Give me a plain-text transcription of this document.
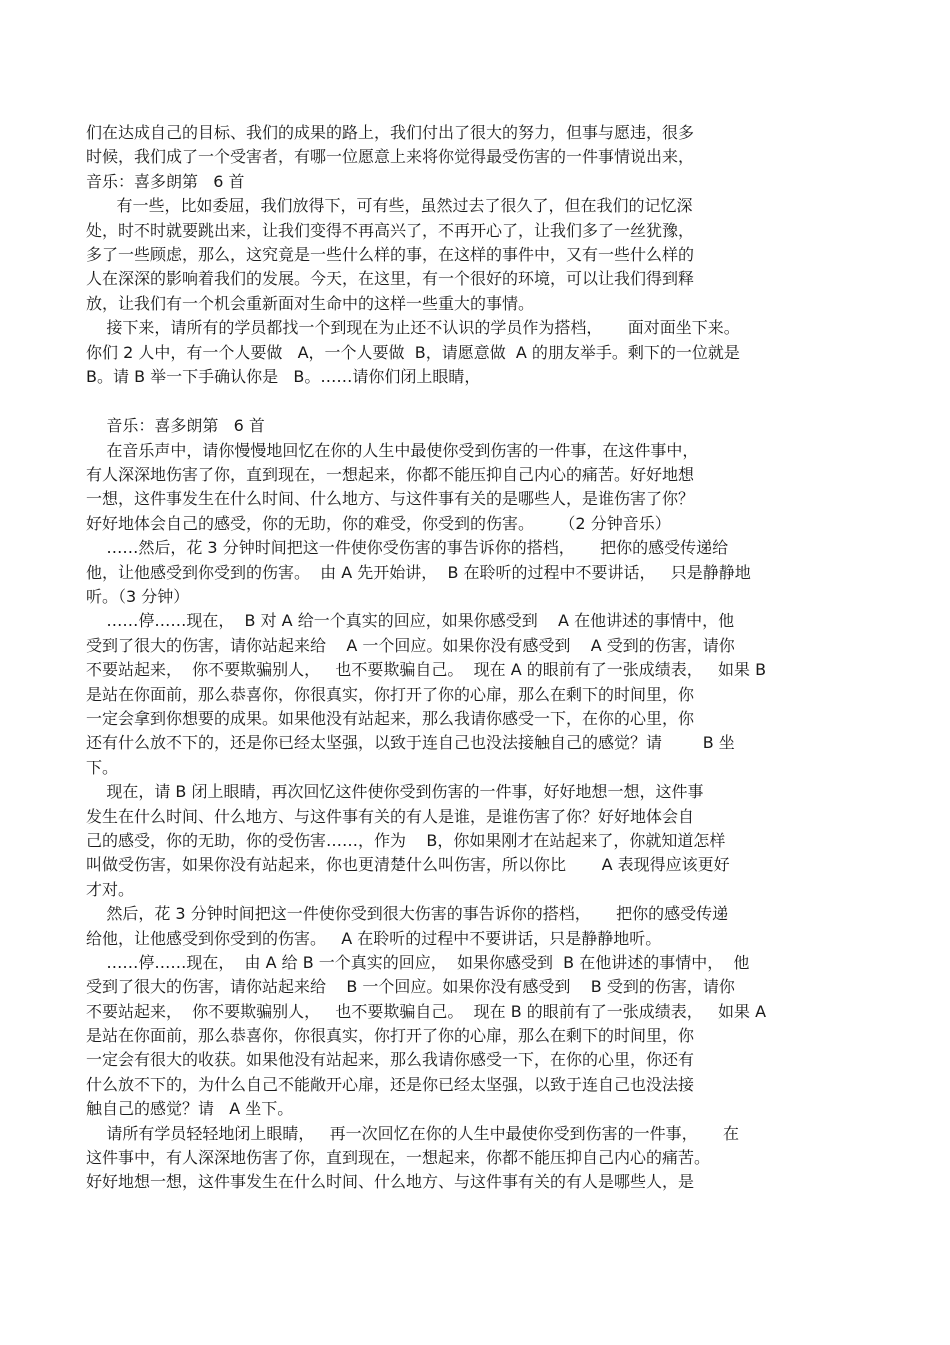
们在达成自己的目标、我们的成果的路上，我们付出了很大的努力，但事与愿违，很多
时候，我们成了一个受害者，有哪一位愿意上来将你觉得最受伤害的一件事情说出来，
音乐：喜多朗第   6 首
有一些，比如委屈，我们放得下，可有些，虽然过去了很久了，但在我们的记忆深
处，时不时就要跳出来，让我们变得不再高兴了，不再开心了，让我们多了一丝犹豫，
多了一些顾虑，那么，这究竟是一些什么样的事，在这样的事件中，又有一些什么样的
人在深深的影响着我们的发展。今天，在这里，有一个很好的环境，可以让我们得到释
放，让我们有一个机会重新面对生命中的这样一些重大的事情。
接下来，请所有的学员都找一个到现在为止还不认识的学员作为搭档，     面对面坐下来。
你们 2 人中，有一个人要做   A，一个人要做  B，请愿意做  A 的朋友举手。剩下的一位就是
B。请 B 举一下手确认你是   B。……请你们闭上眼睛，
音乐：喜多朗第   6 首
在音乐声中，请你慢慢地回忆在你的人生中最使你受到伤害的一件事，在这件事中，
有人深深地伤害了你，直到现在，一想起来，你都不能压抑自己内心的痛苦。好好地想
一想，这件事发生在什么时间、什么地方、与这件事有关的是哪些人，是谁伤害了你？
好好地体会自己的感受，你的无助，你的难受，你受到的伤害。     （2 分钟音乐）
……然后，花 3 分钟时间把这一件使你受伤害的事告诉你的搭档，     把你的感受传递给
他，让他感受到你受到的伤害。  由 A 先开始讲，  B 在聆听的过程中不要讲话，   只是静静地
听。（3 分钟）
……停……现在，  B 对 A 给一个真实的回应，如果你感受到    A 在他讲述的事情中，他
受到了很大的伤害，请你站起来给    A 一个回应。如果你没有感受到    A 受到的伤害，请你
不要站起来，  你不要欺骗别人，   也不要欺骗自己。  现在 A 的眼前有了一张成绩表，   如果 B
是站在你面前，那么恭喜你，你很真实，你打开了你的心扉，那么在剩下的时间里，你
一定会拿到你想要的成果。如果他没有站起来，那么我请你感受一下，在你的心里，你
还有什么放不下的，还是你已经太坚强，以致于连自己也没法接触自己的感觉？请        B 坐
下。
现在，请 B 闭上眼睛，再次回忆这件使你受到伤害的一件事，好好地想一想，这件事
发生在什么时间、什么地方、与这件事有关的有人是谁，是谁伤害了你？好好地体会自
己的感受，你的无助，你的受伤害……，作为    B，你如果刚才在站起来了，你就知道怎样
叫做受伤害，如果你没有站起来，你也更清楚什么叫伤害，所以你比       A 表现得应该更好
才对。
然后，花 3 分钟时间把这一件使你受到很大伤害的事告诉你的搭档，     把你的感受传递
给他，让他感受到你受到的伤害。   A 在聆听的过程中不要讲话，只是静静地听。
……停……现在，  由 A 给 B 一个真实的回应，  如果你感受到  B 在他讲述的事情中，  他
受到了很大的伤害，请你站起来给    B 一个回应。如果你没有感受到    B 受到的伤害，请你
不要站起来，  你不要欺骗别人，   也不要欺骗自己。  现在 B 的眼前有了一张成绩表，   如果 A
是站在你面前，那么恭喜你，你很真实，你打开了你的心扉，那么在剩下的时间里，你
一定会有很大的收获。如果他没有站起来，那么我请你感受一下，在你的心里，你还有
什么放不下的，为什么自己不能敞开心扉，还是你已经太坚强，以致于连自己也没法接
触自己的感觉？请   A 坐下。
请所有学员轻轻地闭上眼睛，   再一次回忆在你的人生中最使你受到伤害的一件事，     在
这件事中，有人深深地伤害了你，直到现在，一想起来，你都不能压抑自己内心的痛苦。
好好地想一想，这件事发生在什么时间、什么地方、与这件事有关的有人是哪些人，是
